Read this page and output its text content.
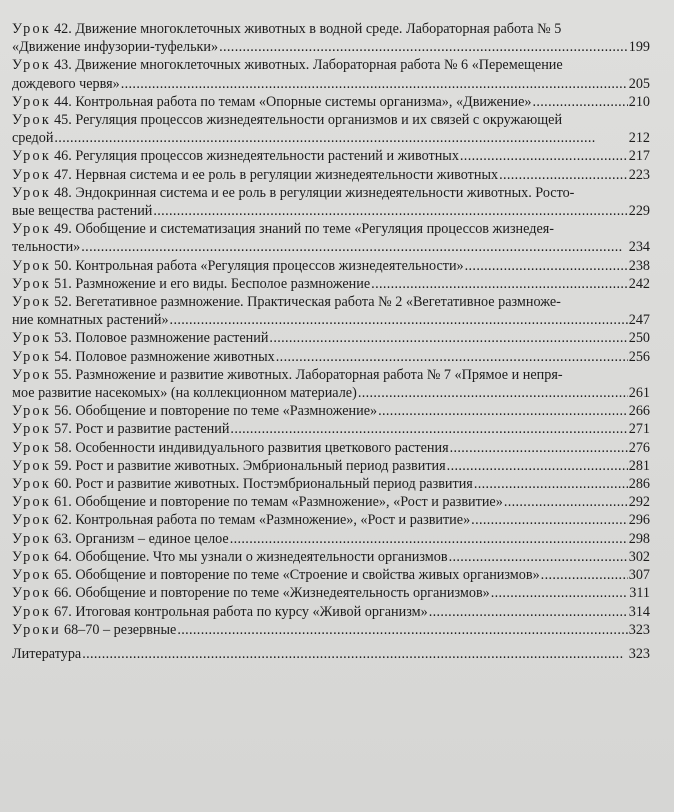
Урок 42. Движение многоклеточных животных в водной среде. Лабораторная работа № 5
«Движение инфузории-туфельки» . . .	199
Урок 43. Движение многоклеточных животных. Лабораторная работа № 6 «Перемещение
дождевого червя» . . .	205
Урок 44. Контрольная работа по темам «Опорные системы организма», «Движение» . . .	210
Урок 45. Регуляция процессов жизнедеятельности организмов и их связей с окружающей
средой . . .	212
Урок 46. Регуляция процессов жизнедеятельности растений и животных . . .	217
Урок 47. Нервная система и ее роль в регуляции жизнедеятельности животных . . .	223
Урок 48. Эндокринная система и ее роль в регуляции жизнедеятельности животных. Росто-
вые вещества растений . . .	229
Урок 49. Обобщение и систематизация знаний по теме «Регуляция процессов жизнедея-
тельности» . . .	234
Урок 50. Контрольная работа «Регуляция процессов жизнедеятельности» . . .	238
Урок 51. Размножение и его виды. Бесполое размножение . . .	242
Урок 52. Вегетативное размножение. Практическая работа № 2 «Вегетативное размноже-
ние комнатных растений» . . .	247
Урок 53. Половое размножение растений . . .	250
Урок 54. Половое размножение животных . . .	256
Урок 55. Размножение и развитие животных. Лабораторная работа № 7 «Прямое и непря-
мое развитие насекомых» (на коллекционном материале) . . .	261
Урок 56. Обобщение и повторение по теме «Размножение» . . .	266
Урок 57. Рост и развитие растений . . .	271
Урок 58. Особенности индивидуального развития цветкового растения . . .	276
Урок 59. Рост и развитие животных. Эмбриональный период развития . . .	281
Урок 60. Рост и развитие животных. Постэмбриональный период развития . . .	286
Урок 61. Обобщение и повторение по темам «Размножение», «Рост и развитие» . . .	292
Урок 62. Контрольная работа по темам «Размножение», «Рост и развитие» . . .	296
Урок 63. Организм – единое целое . . .	298
Урок 64. Обобщение. Что мы узнали о жизнедеятельности организмов . . .	302
Урок 65. Обобщение и повторение по теме «Строение и свойства живых организмов» . . .	307
Урок 66. Обобщение и повторение по теме «Жизнедеятельность организмов» . . .	311
Урок 67. Итоговая контрольная работа по курсу «Живой организм» . . .	314
Уроки 68–70 – резервные . . .	323
Литература . . .	323
